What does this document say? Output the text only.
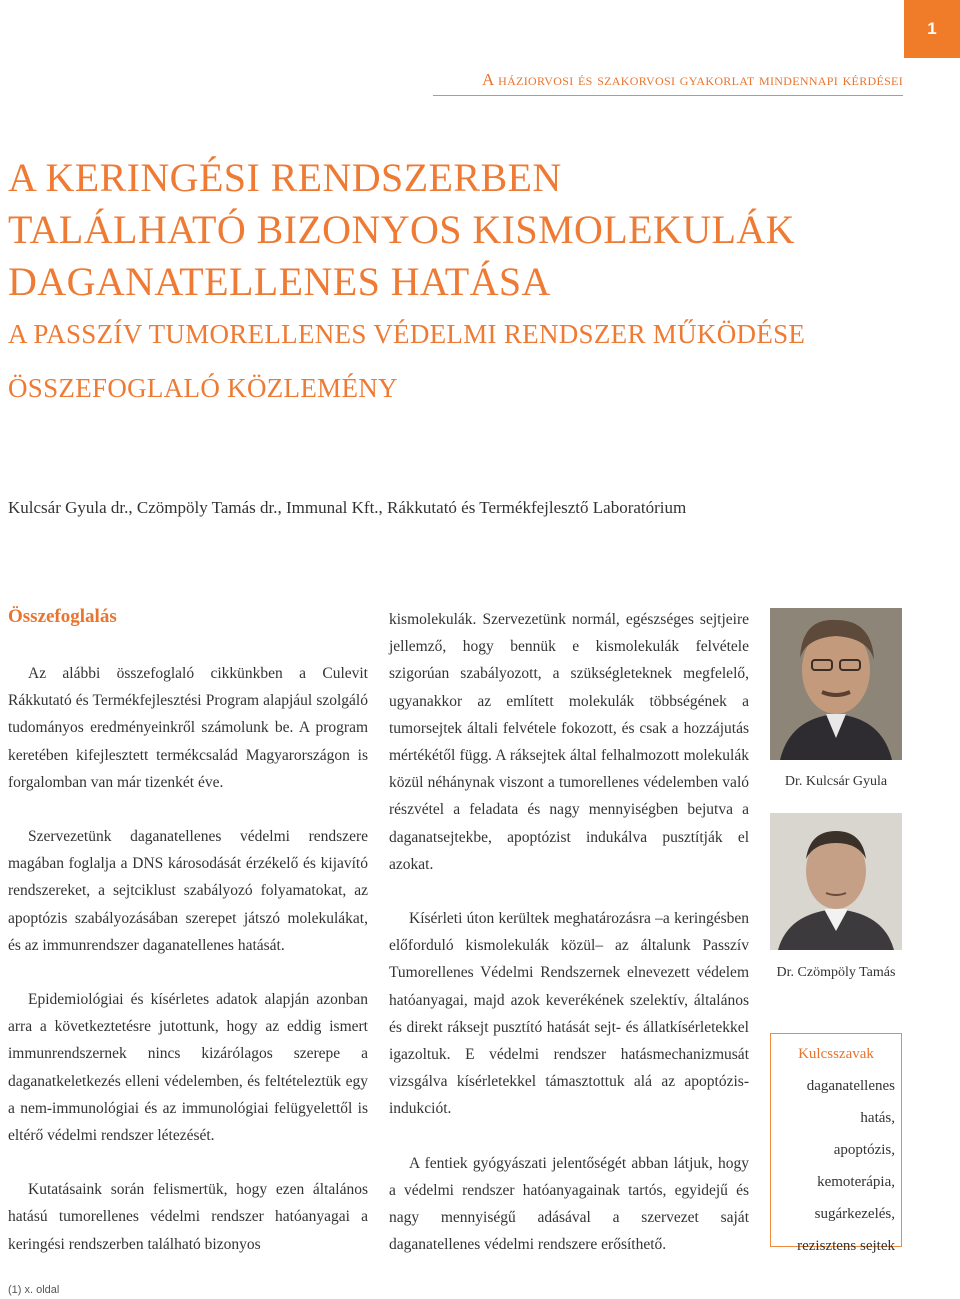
1
A háziorvosi és szakorvosi gyakorlat mindennapi kérdései
A KERINGÉSI RENDSZERBEN
TALÁLHATÓ BIZONYOS KISMOLEKULÁK
DAGANATELLENES HATÁSA
A PASSZÍV TUMORELLENES VÉDELMI RENDSZER MŰKÖDÉSE
ÖSSZEFOGLALÓ KÖZLEMÉNY
Kulcsár Gyula dr., Czömpöly Tamás dr., Immunal Kft., Rákkutató és Termékfejlesztő Laboratórium
Összefoglalás

Az alábbi összefoglaló cikkünkben a Culevit Rákkutató és Termékfejlesztési Program alapjául szolgáló tudományos eredményeinkről számolunk be. A program keretében kifejlesztett termékcsalád Magyarországon is forgalomban van már tizenkét éve.

Szervezetünk daganatellenes védelmi rendszere magában foglalja a DNS károsodását érzékelő és kijavító rendszereket, a sejtciklust szabályozó folyamatokat, az apoptózis szabályozásában szerepet játszó molekulákat, és az immunrendszer daganatellenes hatását.

Epidemiológiai és kísérletes adatok alapján azonban arra a következtetésre jutottunk, hogy az eddig ismert immunrendszernek nincs kizárólagos szerepe a daganatkeletkezés elleni védelemben, és feltételeztük egy a nem-immunológiai és az immunológiai felügyelettől is eltérő védelmi rendszer létezését.

Kutatásaink során felismertük, hogy ezen általános hatású tumorellenes védelmi rendszer hatóanyagai a keringési rendszerben található bizonyos

kismolekulák. Szervezetünk normál, egészséges sejtjeire jellemző, hogy bennük e kismolekulák felvétele szigorúan szabályozott, a szükségleteknek megfelelő, ugyanakkor az említett molekulák többségének a tumorsejtek általi felvétele fokozott, és csak a hozzájutás mértékétől függ. A ráksejtek által felhalmozott molekulák közül néhánynak viszont a tumorellenes védelemben való részvétel a feladata és nagy mennyiségben bejutva a daganatsejtekbe, apoptózist indukálva pusztítják el azokat.

Kísérleti úton kerültek meghatározásra –a keringésben előforduló kismolekulák közül– az általunk Passzív Tumorellenes Védelmi Rendszernek elnevezett védelem hatóanyagai, majd azok keverékének szelektív, általános és direkt ráksejt pusztító hatását sejt- és állatkísérletekkel igazoltuk. E védelmi rendszer hatásmechanizmusát vizsgálva kísérletekkel támasztottuk alá az apoptózis-indukciót.

A fentiek gyógyászati jelentőségét abban látjuk, hogy a védelmi rendszer hatóanyagainak tartós, egyidejű és nagy mennyiségű adásával a szervezet saját daganatellenes védelmi rendszere erősíthető.

Dr. Kulcsár Gyula
Dr. Czömpöly Tamás
Kulcsszavak
daganatellenes
hatás,
apoptózis,
kemoterápia,
sugárkezelés,
rezisztens sejtek
(1) x. oldal
